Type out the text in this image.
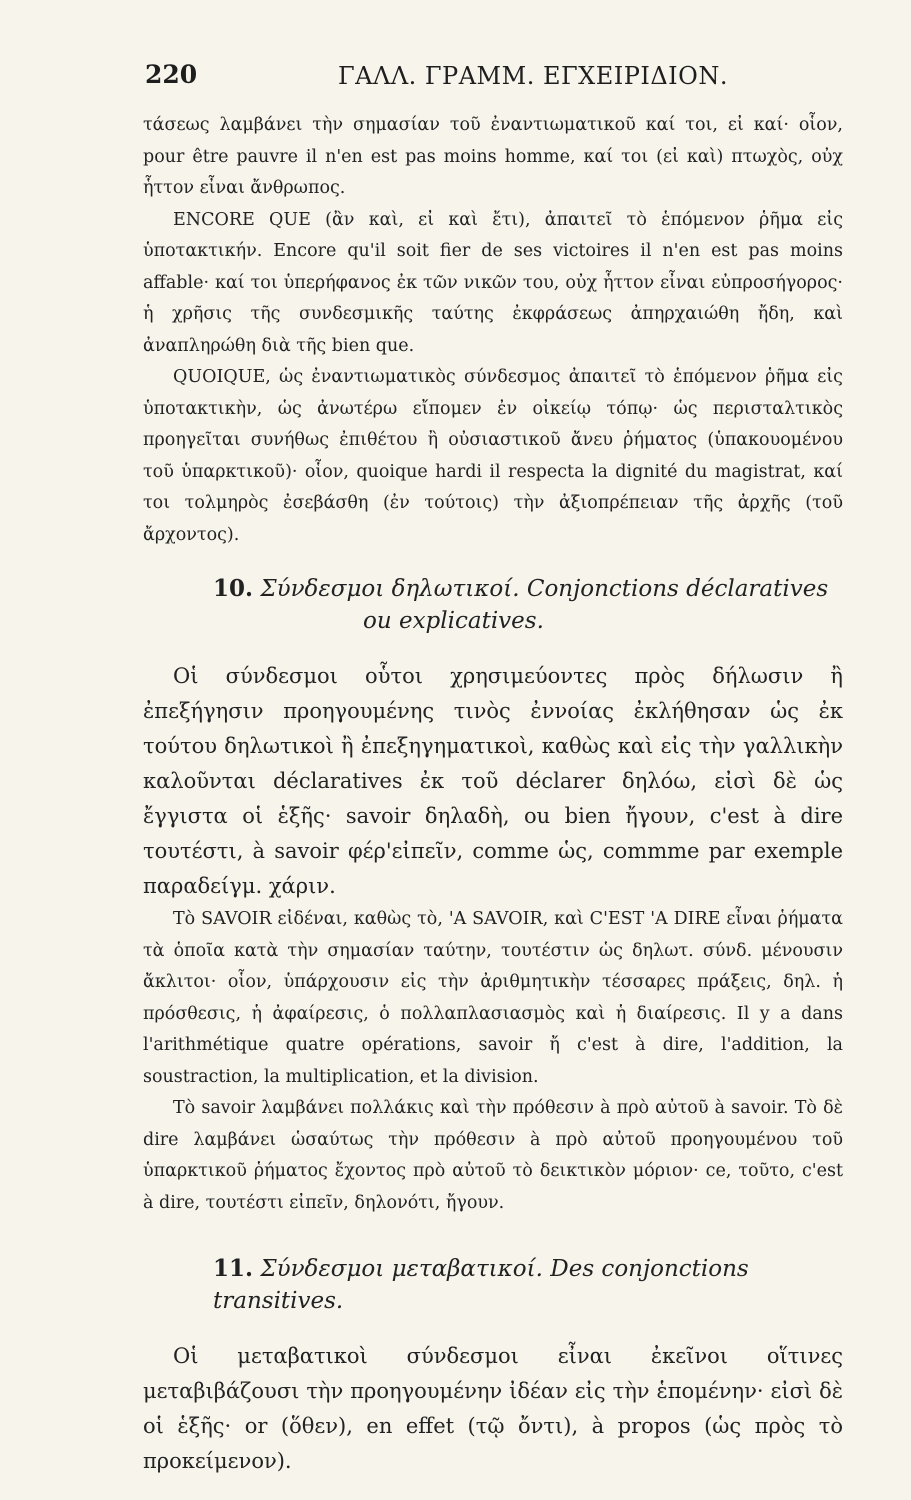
220	ΓΑΛΛ. ΓΡΑΜΜ. ΕΓΧΕΙΡΙΔΙΟΝ.

τάσεως λαμβάνει τὴν σημασίαν τοῦ ἐναντιωματικοῦ καί τοι, εἰ καί· οἷον, pour être pauvre il n'en est pas moins homme, καί τοι (εἰ καὶ) πτωχὸς, οὐχ ἧττον εἶναι ἄνθρωπος.

ENCORE QUE (ἂν καὶ, εἰ καὶ ἔτι), ἀπαιτεῖ τὸ ἑπόμενον ῥῆμα εἰς ὑποτακτικήν. Encore qu'il soit fier de ses victoires il n'en est pas moins affable· καί τοι ὑπερήφανος ἐκ τῶν νικῶν του, οὐχ ἧττον εἶναι εὐπροσήγορος· ἡ χρῆσις τῆς συνδεσμικῆς ταύτης ἐκφράσεως ἀπηρχαιώθη ἤδη, καὶ ἀναπληρώθη διὰ τῆς bien que.

QUOIQUE, ὡς ἐναντιωματικὸς σύνδεσμος ἀπαιτεῖ τὸ ἑπόμενον ῥῆμα εἰς ὑποτακτικὴν, ὡς ἀνωτέρω εἴπομεν ἐν οἰκείῳ τόπῳ· ὡς περισταλτικὸς προηγεῖται συνήθως ἐπιθέτου ἢ οὐσιαστικοῦ ἄνευ ῥήματος (ὑπακουομένου τοῦ ὑπαρκτικοῦ)· οἷον, quoique hardi il respecta la dignité du magistrat, καί τοι τολμηρὸς ἐσεβάσθη (ἐν τούτοις) τὴν ἀξιοπρέπειαν τῆς ἀρχῆς (τοῦ ἄρχοντος).

10. Σύνδεσμοι δηλωτικοί. Conjonctions déclaratives
ou explicatives.

Οἱ σύνδεσμοι οὗτοι χρησιμεύοντες πρὸς δήλωσιν ἢ ἐπεξήγησιν προηγουμένης τινὸς ἐννοίας ἐκλήθησαν ὡς ἐκ τούτου δηλωτικοὶ ἢ ἐπεξηγηματικοὶ, καθὼς καὶ εἰς τὴν γαλλικὴν καλοῦνται déclaratives ἐκ τοῦ déclarer δηλόω, εἰσὶ δὲ ὡς ἔγγιστα οἱ ἑξῆς· savoir δηλαδὴ, ou bien ἤγουν, c'est à dire τουτέστι, à savoir φέρ'εἰπεῖν, comme ὡς, commme par exemple παραδείγμ. χάριν.

Τὸ SAVOIR εἰδέναι, καθὼς τὸ, 'A SAVOIR, καὶ C'EST 'A DIRE εἶναι ῥήματα τὰ ὁποῖα κατὰ τὴν σημασίαν ταύτην, τουτέστιν ὡς δηλωτ. σύνδ. μένουσιν ἄκλιτοι· οἷον, ὑπάρχουσιν εἰς τὴν ἀριθμητικὴν τέσσαρες πράξεις, δηλ. ἡ πρόσθεσις, ἡ ἀφαίρεσις, ὁ πολλαπλασιασμὸς καὶ ἡ διαίρεσις. Il y a dans l'arithmétique quatre opérations, savoir ἤ c'est à dire, l'addition, la soustraction, la multiplication, et la division.

Τὸ savoir λαμβάνει πολλάκις καὶ τὴν πρόθεσιν à πρὸ αὐτοῦ à savoir. Τὸ δὲ dire λαμβάνει ὡσαύτως τὴν πρόθεσιν à πρὸ αὐτοῦ προηγουμένου τοῦ ὑπαρκτικοῦ ῥήματος ἔχοντος πρὸ αὐτοῦ τὸ δεικτικὸν μόριον· ce, τοῦτο, c'est à dire, τουτέστι εἰπεῖν, δηλονότι, ἤγουν.

11. Σύνδεσμοι μεταβατικοί. Des conjonctions transitives.

Οἱ μεταβατικοὶ σύνδεσμοι εἶναι ἐκεῖνοι οἵτινες μεταβιβάζουσι τὴν προηγουμένην ἰδέαν εἰς τὴν ἑπομένην· εἰσὶ δὲ οἱ ἑξῆς· or (ὅθεν), en effet (τῷ ὄντι), à propos (ὡς πρὸς τὸ προκείμενον).
